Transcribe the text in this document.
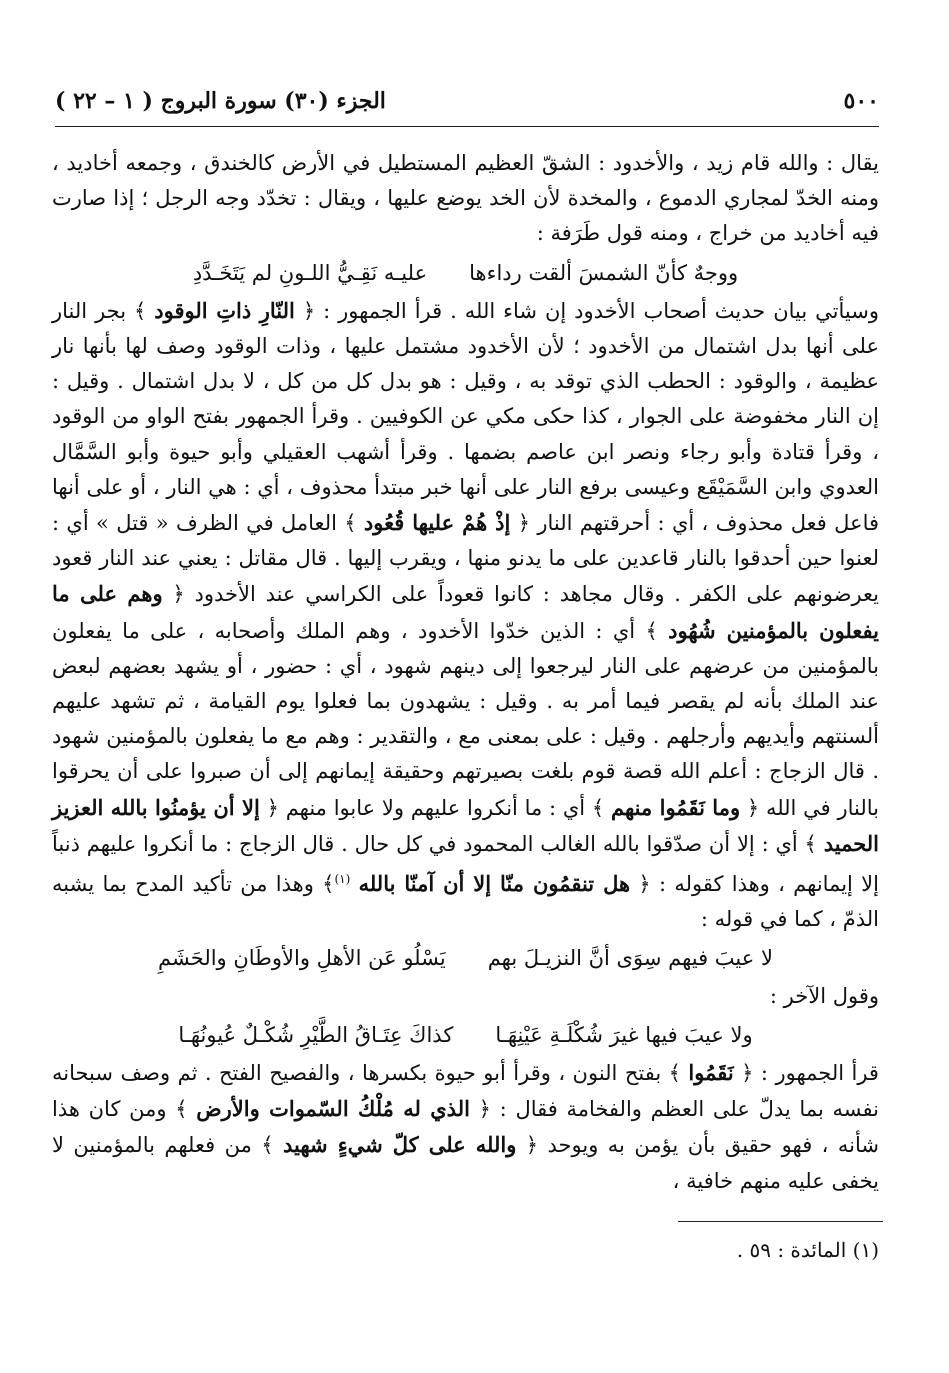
٥٠٠
الجزء (٣٠) سورة البروج ( ١ – ٢٢ )

يقال : والله قام زيد ، والأخدود : الشقّ العظيم المستطيل في الأرض كالخندق ، وجمعه أخاديد ، ومنه الخدّ لمجاري الدموع ، والمخدة لأن الخد يوضع عليها ، ويقال : تخدّد وجه الرجل ؛ إذا صارت فيه أخاديد من خراج ، ومنه قول طَرَفة :

ووجهٌ كأنّ الشمسَ ألقت رداءها
عليـه نَقِـيُّ اللـونِ لم يَتَخَـدَّدِ

وسيأتي بيان حديث أصحاب الأخدود إن شاء الله . قرأ الجمهور : ﴿ النّارِ ذاتِ الوقود ﴾ بجر النار على أنها بدل اشتمال من الأخدود ؛ لأن الأخدود مشتمل عليها ، وذات الوقود وصف لها بأنها نار عظيمة ، والوقود : الحطب الذي توقد به ، وقيل : هو بدل كل من كل ، لا بدل اشتمال . وقيل : إن النار مخفوضة على الجوار ، كذا حكى مكي عن الكوفيين . وقرأ الجمهور بفتح الواو من الوقود ، وقرأ قتادة وأبو رجاء ونصر ابن عاصم بضمها . وقرأ أشهب العقيلي وأبو حيوة وأبو السَّمَّال العدوي وابن السَّمَيْقَع وعيسى برفع النار على أنها خبر مبتدأ محذوف ، أي : هي النار ، أو على أنها فاعل فعل محذوف ، أي : أحرقتهم النار ﴿ إذْ هُمْ عليها قُعُود ﴾ العامل في الظرف « قتل » أي : لعنوا حين أحدقوا بالنار قاعدين على ما يدنو منها ، ويقرب إليها . قال مقاتل : يعني عند النار قعود يعرضونهم على الكفر . وقال مجاهد : كانوا قعوداً على الكراسي عند الأخدود ﴿ وهم على ما يفعلون بالمؤمنين شُهُود ﴾ أي : الذين خدّوا الأخدود ، وهم الملك وأصحابه ، على ما يفعلون بالمؤمنين من عرضهم على النار ليرجعوا إلى دينهم شهود ، أي : حضور ، أو يشهد بعضهم لبعض عند الملك بأنه لم يقصر فيما أمر به . وقيل : يشهدون بما فعلوا يوم القيامة ، ثم تشهد عليهم ألسنتهم وأيديهم وأرجلهم . وقيل : على بمعنى مع ، والتقدير : وهم مع ما يفعلون بالمؤمنين شهود . قال الزجاج : أعلم الله قصة قوم بلغت بصيرتهم وحقيقة إيمانهم إلى أن صبروا على أن يحرقوا بالنار في الله ﴿ وما نَقَمُوا منهم ﴾ أي : ما أنكروا عليهم ولا عابوا منهم ﴿ إلا أن يؤمنُوا بالله العزيز الحميد ﴾ أي : إلا أن صدّقوا بالله الغالب المحمود في كل حال . قال الزجاج : ما أنكروا عليهم ذنباً إلا إيمانهم ، وهذا كقوله : ﴿ هل تنقمُون منّا إلا أن آمنّا بالله $^{(١)}$﴾ وهذا من تأكيد المدح بما يشبه الذمّ ، كما في قوله :

لا عيبَ فيهم سِوَى أنَّ النزيـلَ بهم
يَسْلُو عَن الأهلِ والأوطَانِ والحَشَمِ

وقول الآخر :

ولا عيبَ فيها غيرَ شُكْلَـةِ عَيْنِهَـا
كذاكَ عِتَـاقُ الطَّيْرِ شُكْـلٌ عُيونُهَـا

قرأ الجمهور : ﴿ نَقَمُوا ﴾ بفتح النون ، وقرأ أبو حيوة بكسرها ، والفصيح الفتح . ثم وصف سبحانه نفسه بما يدلّ على العظم والفخامة فقال : ﴿ الذي له مُلْكُ السّموات والأرض ﴾ ومن كان هذا شأنه ، فهو حقيق بأن يؤمن به ويوحد ﴿ والله على كلّ شيءٍ شهيد ﴾ من فعلهم بالمؤمنين لا يخفى عليه منهم خافية ،

(١) المائدة : ٥٩ .
